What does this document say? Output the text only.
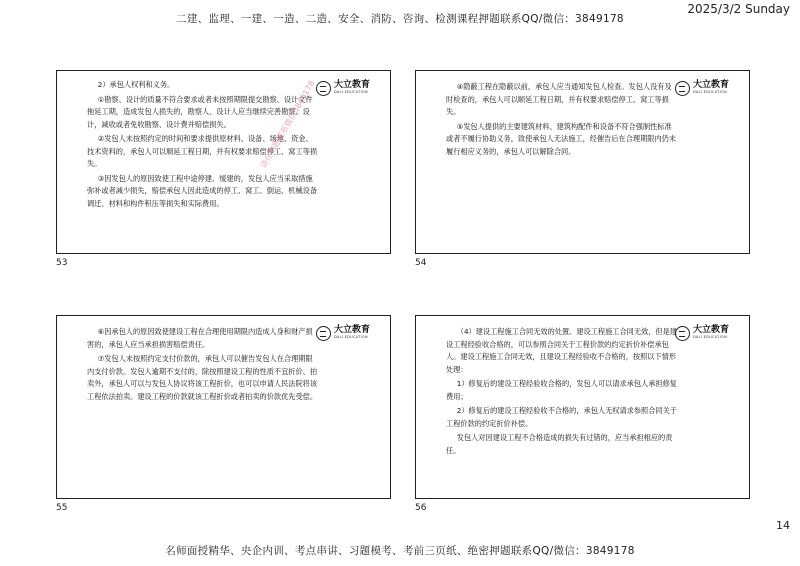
2025/3/2 Sunday
二建、监理、一建、一造、二造、安全、消防、咨询、检测课程押题联系QQ/微信：3849178

2）承包人权利和义务。

①勘察、设计的质量不符合要求或者未按照期限提交勘察、设计文件拖延工期，造成发包人损失的，勘察人、设计人应当继续完善勘察、设计，减收或者免收勘察、设计费并赔偿损失。

②发包人未按照约定的时间和要求提供原材料、设备、场地、资金、技术资料的，承包人可以顺延工程日期，并有权要求赔偿停工、窝工等损失。

③因发包人的原因致使工程中途停建、缓建的，发包人应当采取措施弥补或者减少损失，赔偿承包人因此造成的停工、窝工、倒运、机械设备调迁、材料和构件积压等损失和实际费用。

大立教育
DALI EDUCATION
53

④隐蔽工程在隐蔽以前，承包人应当通知发包人检查。发包人没有及时检查的，承包人可以顺延工程日期，并有权要求赔偿停工、窝工等损失。

⑤发包人提供的主要建筑材料、建筑构配件和设备不符合强制性标准或者不履行协助义务，致使承包人无法施工，经催告后在合理期限内仍未履行相应义务的，承包人可以解除合同。

大立教育
DALI EDUCATION
54

⑥因承包人的原因致使建设工程在合理使用期限内造成人身和财产损害的，承包人应当承担损害赔偿责任。

⑦发包人未按照约定支付价款的，承包人可以催告发包人在合理期限内支付价款。发包人逾期不支付的，除按照建设工程的性质不宜折价、拍卖外，承包人可以与发包人协议将该工程折价，也可以申请人民法院将该工程依法拍卖。建设工程的价款就该工程折价或者拍卖的价款优先受偿。

大立教育
DALI EDUCATION
55

（4）建设工程施工合同无效的处置。建设工程施工合同无效，但是建设工程经验收合格的，可以参照合同关于工程价款的约定折价补偿承包人。建设工程施工合同无效，且建设工程经验收不合格的，按照以下情形处理：

1）修复后的建设工程经验收合格的，发包人可以请求承包人承担修复费用；

2）修复后的建设工程经验收不合格的，承包人无权请求参照合同关于工程价款的约定折价补偿。

发包人对因建设工程不合格造成的损失有过错的，应当承担相应的责任。

大立教育
DALI EDUCATION
56
请在押题联系微信3849178
14
名师面授精华、央企内训、考点串讲、习题模考、考前三页纸、绝密押题联系QQ/微信：3849178
